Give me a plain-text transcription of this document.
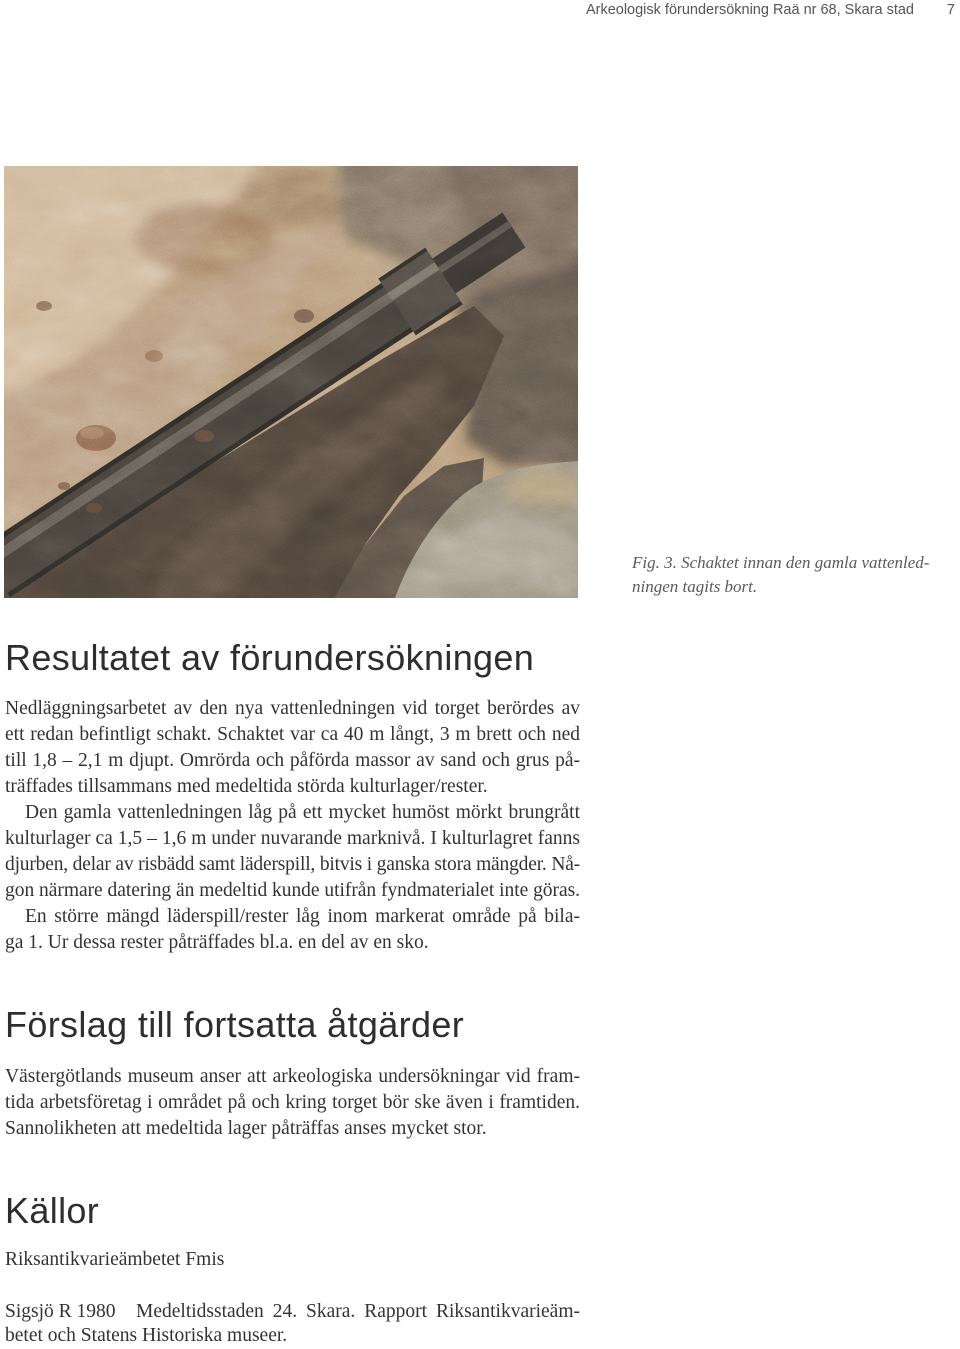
Arkeologisk förundersökning Raä nr 68, Skara stad 7
Fig. 3. Schaktet innan den gamla vattenled-
ningen tagits bort.
Resultatet av förundersökningen
Nedläggningsarbetet av den nya vattenledningen vid torget berördes av
ett redan befintligt schakt. Schaktet var ca 40 m långt, 3 m brett och ned
till 1,8 – 2,1 m djupt. Omrörda och påförda massor av sand och grus på-
träffades tillsammans med medeltida störda kulturlager/rester.
Den gamla vattenledningen låg på ett mycket humöst mörkt brungrått
kulturlager ca 1,5 – 1,6 m under nuvarande marknivå. I kulturlagret fanns
djurben, delar av risbädd samt läderspill, bitvis i ganska stora mängder. Nå-
gon närmare datering än medeltid kunde utifrån fyndmaterialet inte göras.
En större mängd läderspill/rester låg inom markerat område på bila-
ga 1. Ur dessa rester påträffades bl.a. en del av en sko.
Förslag till fortsatta åtgärder
Västergötlands museum anser att arkeologiska undersökningar vid fram-
tida arbetsföretag i området på och kring torget bör ske även i framtiden.
Sannolikheten att medeltida lager påträffas anses mycket stor.
Källor
Riksantikvarieämbetet Fmis
Sigsjö R 1980	Medeltidsstaden 24. Skara. Rapport Riksantikvarieäm-
betet och Statens Historiska museer.
